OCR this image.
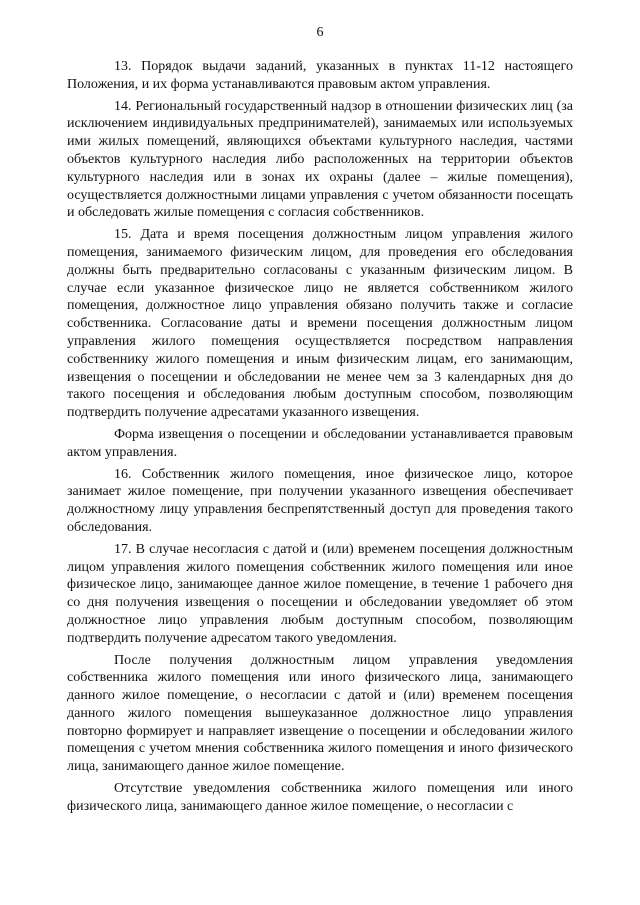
6

13. Порядок выдачи заданий, указанных в пунктах 11-12 настоящего Положения, и их форма устанавливаются правовым актом управления.

14. Региональный государственный надзор в отношении физических лиц (за исключением индивидуальных предпринимателей), занимаемых или используемых ими жилых помещений, являющихся объектами культурного наследия, частями объектов культурного наследия либо расположенных на территории объектов культурного наследия или в зонах их охраны (далее – жилые помещения), осуществляется должностными лицами управления с учетом обязанности посещать и обследовать жилые помещения с согласия собственников.

15. Дата и время посещения должностным лицом управления жилого помещения, занимаемого физическим лицом, для проведения его обследования должны быть предварительно согласованы с указанным физическим лицом. В случае если указанное физическое лицо не является собственником жилого помещения, должностное лицо управления обязано получить также и согласие собственника. Согласование даты и времени посещения должностным лицом управления жилого помещения осуществляется посредством направления собственнику жилого помещения и иным физическим лицам, его занимающим, извещения о посещении и обследовании не менее чем за 3 календарных дня до такого посещения и обследования любым доступным способом, позволяющим подтвердить получение адресатами указанного извещения.

Форма извещения о посещении и обследовании устанавливается правовым актом управления.

16. Собственник жилого помещения, иное физическое лицо, которое занимает жилое помещение, при получении указанного извещения обеспечивает должностному лицу управления беспрепятственный доступ для проведения такого обследования.

17. В случае несогласия с датой и (или) временем посещения должностным лицом управления жилого помещения собственник жилого помещения или иное физическое лицо, занимающее данное жилое помещение, в течение 1 рабочего дня со дня получения извещения о посещении и обследовании уведомляет об этом должностное лицо управления любым доступным способом, позволяющим подтвердить получение адресатом такого уведомления.

После получения должностным лицом управления уведомления собственника жилого помещения или иного физического лица, занимающего данного жилое помещение, о несогласии с датой и (или) временем посещения данного жилого помещения вышеуказанное должностное лицо управления повторно формирует и направляет извещение о посещении и обследовании жилого помещения с учетом мнения собственника жилого помещения и иного физического лица, занимающего данное жилое помещение.

Отсутствие уведомления собственника жилого помещения или иного физического лица, занимающего данное жилое помещение, о несогласии с
